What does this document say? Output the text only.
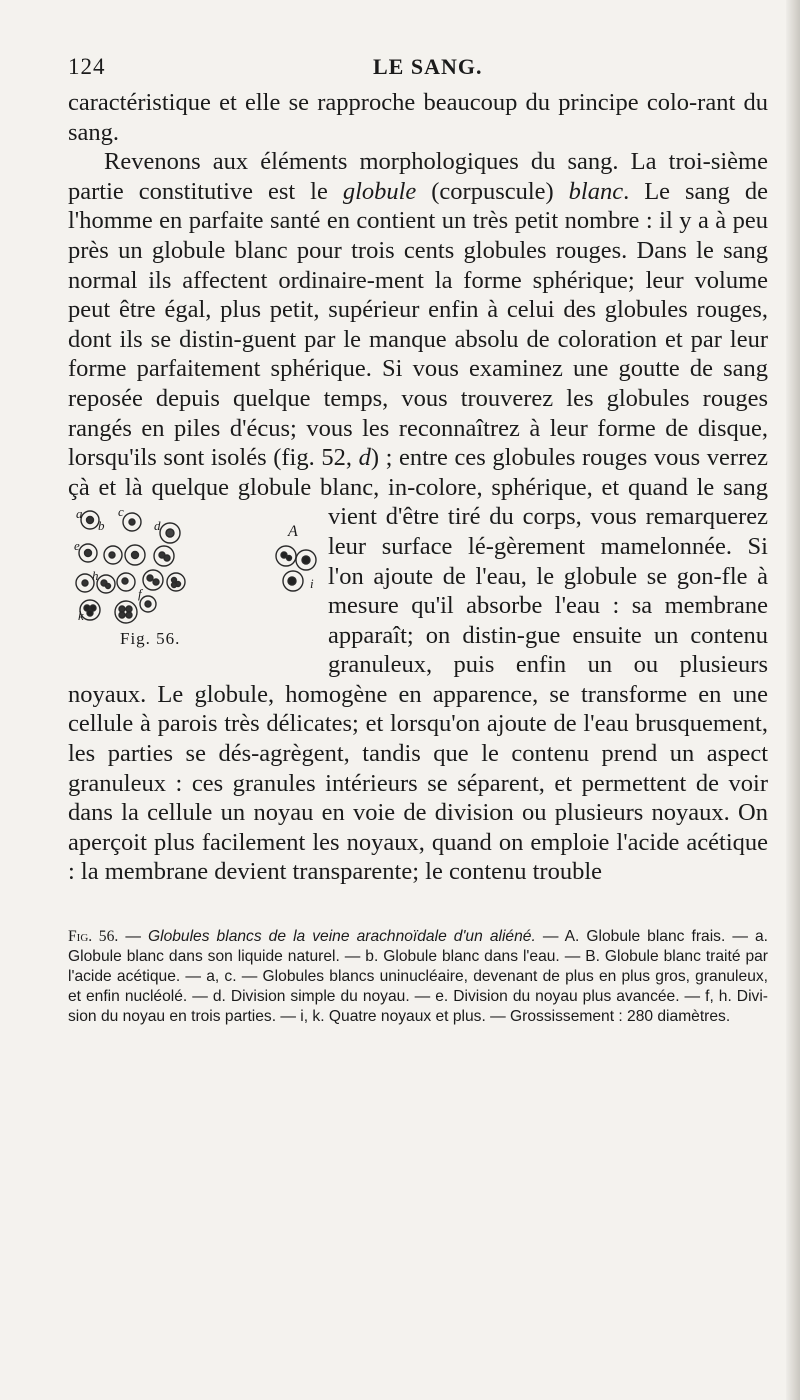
124	LE SANG.

caractéristique et elle se rapproche beaucoup du principe colo-rant du sang.

Revenons aux éléments morphologiques du sang. La troi-sième partie constitutive est le globule (corpuscule) blanc. Le sang de l'homme en parfaite santé en contient un très petit nombre : il y a à peu près un globule blanc pour trois cents globules rouges. Dans le sang normal ils affectent ordinaire-ment la forme sphérique; leur volume peut être égal, plus petit, supérieur enfin à celui des globules rouges, dont ils se distin-guent par le manque absolu de coloration et par leur forme parfaitement sphérique. Si vous examinez une goutte de sang reposée depuis quelque temps, vous trouverez les globules rouges rangés en piles d'écus; vous les reconnaîtrez à leur forme de disque, lorsqu'ils sont isolés (fig. 52, d) ; entre ces globules rouges vous verrez çà et là quelque globule blanc, in-colore, sphérique, et quand le sang vient d'être tiré du corps,
a
b
c
d
e
f
h
i
k
A
Fig. 56.
vous remarquerez leur surface lé-gèrement mamelonnée. Si l'on ajoute de l'eau, le globule se gon-fle à mesure qu'il absorbe l'eau : sa membrane apparaît; on distin-gue ensuite un contenu granuleux, puis enfin un ou plusieurs noyaux. Le globule, homogène en apparence, se transforme en une cellule à parois très délicates; et lorsqu'on ajoute de l'eau brusquement, les parties se dés-agrègent, tandis que le contenu prend un aspect granuleux : ces granules intérieurs se séparent, et permettent de voir dans la cellule un noyau en voie de division ou plusieurs noyaux. On aperçoit plus facilement les noyaux, quand on emploie l'acide acétique : la membrane devient transparente; le contenu trouble

Fig. 56. — Globules blancs de la veine arachnoïdale d'un aliéné. — A. Globule blanc frais. — a. Globule blanc dans son liquide naturel. — b. Globule blanc dans l'eau. — B. Globule blanc traité par l'acide acétique. — a, c. — Globules blancs uninucléaire, devenant de plus en plus gros, granuleux, et enfin nucléolé. — d. Division simple du noyau. — e. Division du noyau plus avancée. — f, h. Divi-sion du noyau en trois parties. — i, k. Quatre noyaux et plus. — Grossissement : 280 diamètres.
